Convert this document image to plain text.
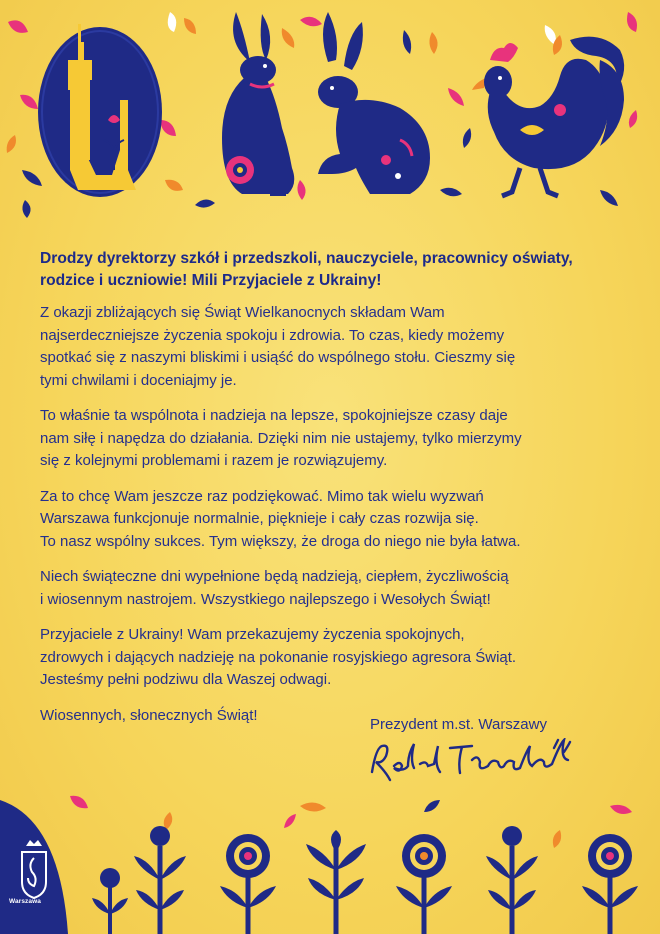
Drodzy dyrektorzy szkół i przedszkoli, nauczyciele, pracownicy oświaty, rodzice i uczniowie! Mili Przyjaciele z Ukrainy!

Z okazji zbliżających się Świąt Wielkanocnych składam Wam
najserdeczniejsze życzenia spokoju i zdrowia. To czas, kiedy możemy
spotkać się z naszymi bliskimi i usiąść do wspólnego stołu. Cieszmy się
tymi chwilami i doceniajmy je.

To właśnie ta wspólnota i nadzieja na lepsze, spokojniejsze czasy daje
nam siłę i napędza do działania. Dzięki nim nie ustajemy, tylko mierzymy
się z kolejnymi problemami i razem je rozwiązujemy.

Za to chcę Wam jeszcze raz podziękować. Mimo tak wielu wyzwań
Warszawa funkcjonuje normalnie, pięknieje i cały czas rozwija się.
To nasz wspólny sukces. Tym większy, że droga do niego nie była łatwa.

Niech świąteczne dni wypełnione będą nadzieją, ciepłem, życzliwością
i wiosennym nastrojem. Wszystkiego najlepszego i Wesołych Świąt!

Przyjaciele z Ukrainy! Wam przekazujemy życzenia spokojnych,
zdrowych i dających nadzieję na pokonanie rosyjskiego agresora Świąt.
Jesteśmy pełni podziwu dla Waszej odwagi.

Wiosennych, słonecznych Świąt!

Prezydent m.st. Warszawy
Warszawa
